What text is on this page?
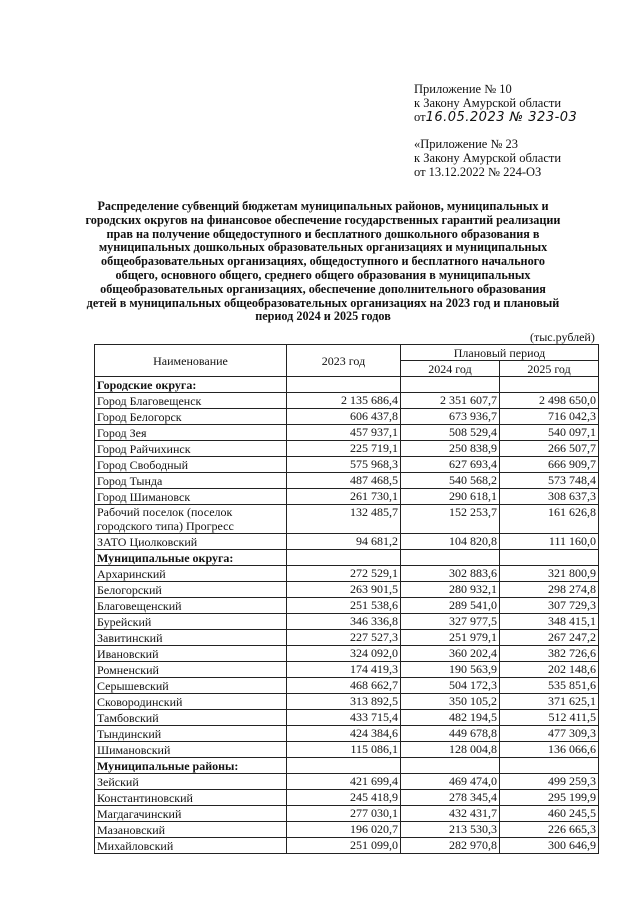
Приложение № 10
к Закону Амурской области
от16.05.2023 № 323-03
«Приложение № 23
к Закону Амурской области
от 13.12.2022 № 224-ОЗ
Распределение субвенций бюджетам муниципальных районов, муниципальных и городских округов на финансовое обеспечение государственных гарантий реализации прав на получение общедоступного и бесплатного дошкольного образования в муниципальных дошкольных образовательных организациях и муниципальных общеобразовательных организациях, общедоступного и бесплатного начального общего, основного общего, среднего общего образования в муниципальных общеобразовательных организациях, обеспечение дополнительного образования детей в муниципальных общеобразовательных организациях на 2023 год и плановый период 2024 и 2025 годов
(тыс.рублей)
Наименование	2023 год	Плановый период	
		2024 год	2025 год
Городские округа:			
Город Благовещенск	2 135 686,4	2 351 607,7	2 498 650,0
Город Белогорск	606 437,8	673 936,7	716 042,3
Город Зея	457 937,1	508 529,4	540 097,1
Город Райчихинск	225 719,1	250 838,9	266 507,7
Город Свободный	575 968,3	627 693,4	666 909,7
Город Тында	487 468,5	540 568,2	573 748,4
Город Шимановск	261 730,1	290 618,1	308 637,3
Рабочий поселок (поселок городского типа) Прогресс	132 485,7	152 253,7	161 626,8
ЗАТО Циолковский	94 681,2	104 820,8	111 160,0
Муниципальные округа:			
Архаринский	272 529,1	302 883,6	321 800,9
Белогорский	263 901,5	280 932,1	298 274,8
Благовещенский	251 538,6	289 541,0	307 729,3
Бурейский	346 336,8	327 977,5	348 415,1
Завитинский	227 527,3	251 979,1	267 247,2
Ивановский	324 092,0	360 202,4	382 726,6
Ромненский	174 419,3	190 563,9	202 148,6
Серышевский	468 662,7	504 172,3	535 851,6
Сковородинский	313 892,5	350 105,2	371 625,1
Тамбовский	433 715,4	482 194,5	512 411,5
Тындинский	424 384,6	449 678,8	477 309,3
Шимановский	115 086,1	128 004,8	136 066,6
Муниципальные районы:			
Зейский	421 699,4	469 474,0	499 259,3
Константиновский	245 418,9	278 345,4	295 199,9
Магдагачинский	277 030,1	432 431,7	460 245,5
Мазановский	196 020,7	213 530,3	226 665,3
Михайловский	251 099,0	282 970,8	300 646,9
